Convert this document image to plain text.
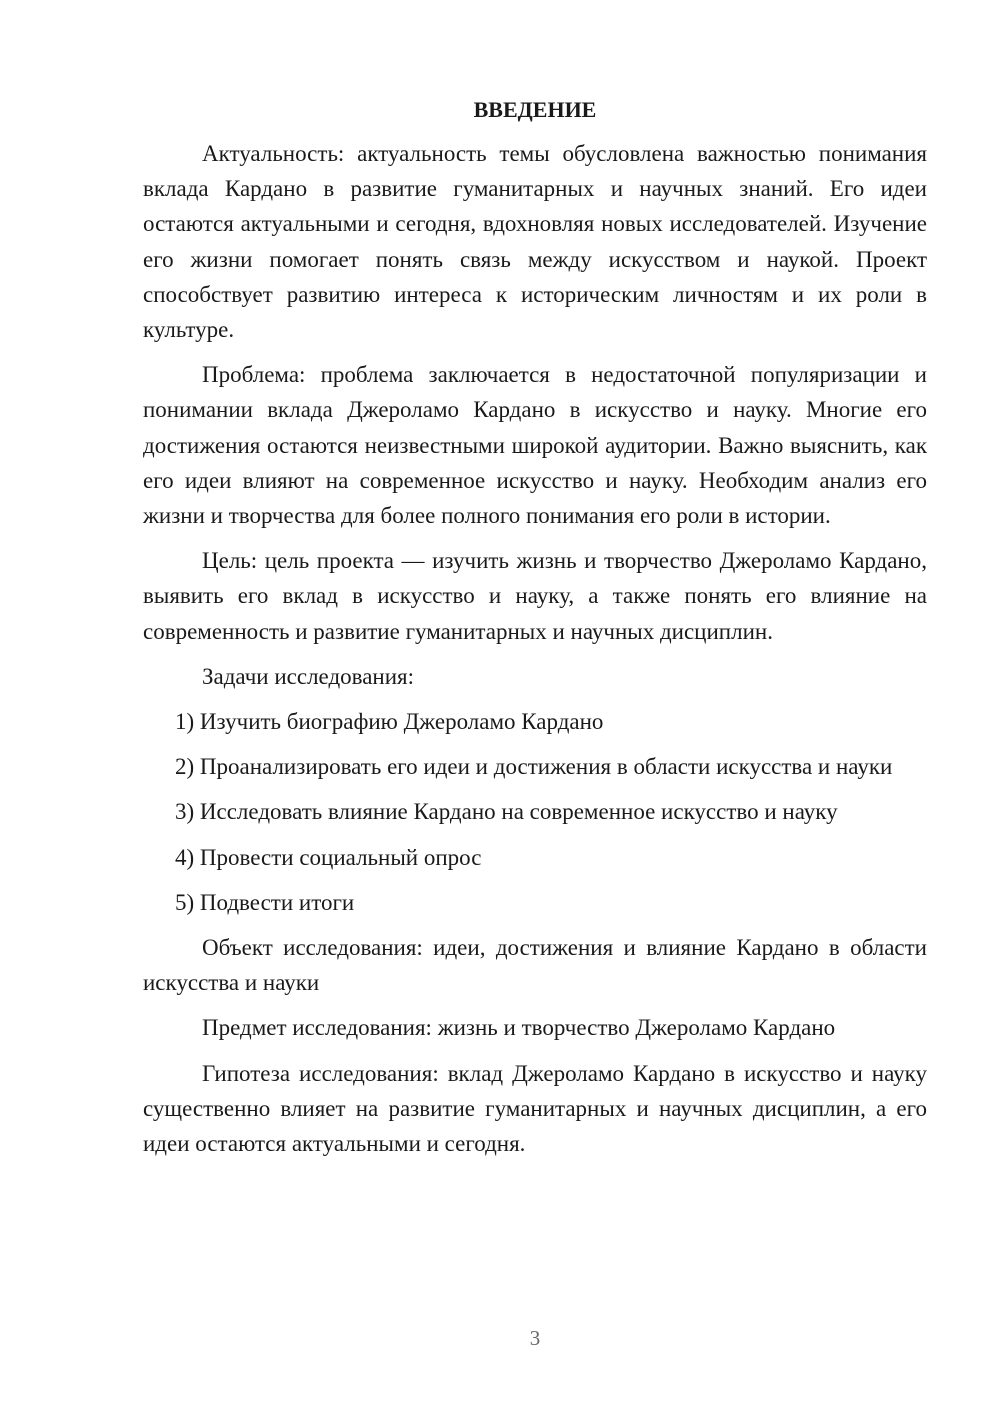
ВВЕДЕНИЕ

Актуальность: актуальность темы обусловлена важностью понимания вклада Кардано в развитие гуманитарных и научных знаний. Его идеи остаются актуальными и сегодня, вдохновляя новых исследователей. Изучение его жизни помогает понять связь между искусством и наукой. Проект способствует развитию интереса к историческим личностям и их роли в культуре.

Проблема: проблема заключается в недостаточной популяризации и понимании вклада Джероламо Кардано в искусство и науку. Многие его достижения остаются неизвестными широкой аудитории. Важно выяснить, как его идеи влияют на современное искусство и науку. Необходим анализ его жизни и творчества для более полного понимания его роли в истории.

Цель: цель проекта — изучить жизнь и творчество Джероламо Кардано, выявить его вклад в искусство и науку, а также понять его влияние на современность и развитие гуманитарных и научных дисциплин.

Задачи исследования:

1) Изучить биографию Джероламо Кардано

2) Проанализировать его идеи и достижения в области искусства и науки

3) Исследовать влияние Кардано на современное искусство и науку

4) Провести социальный опрос

5) Подвести итоги

Объект исследования: идеи, достижения и влияние Кардано в области искусства и науки

Предмет исследования: жизнь и творчество Джероламо Кардано

Гипотеза исследования: вклад Джероламо Кардано в искусство и науку существенно влияет на развитие гуманитарных и научных дисциплин, а его идеи остаются актуальными и сегодня.

3
